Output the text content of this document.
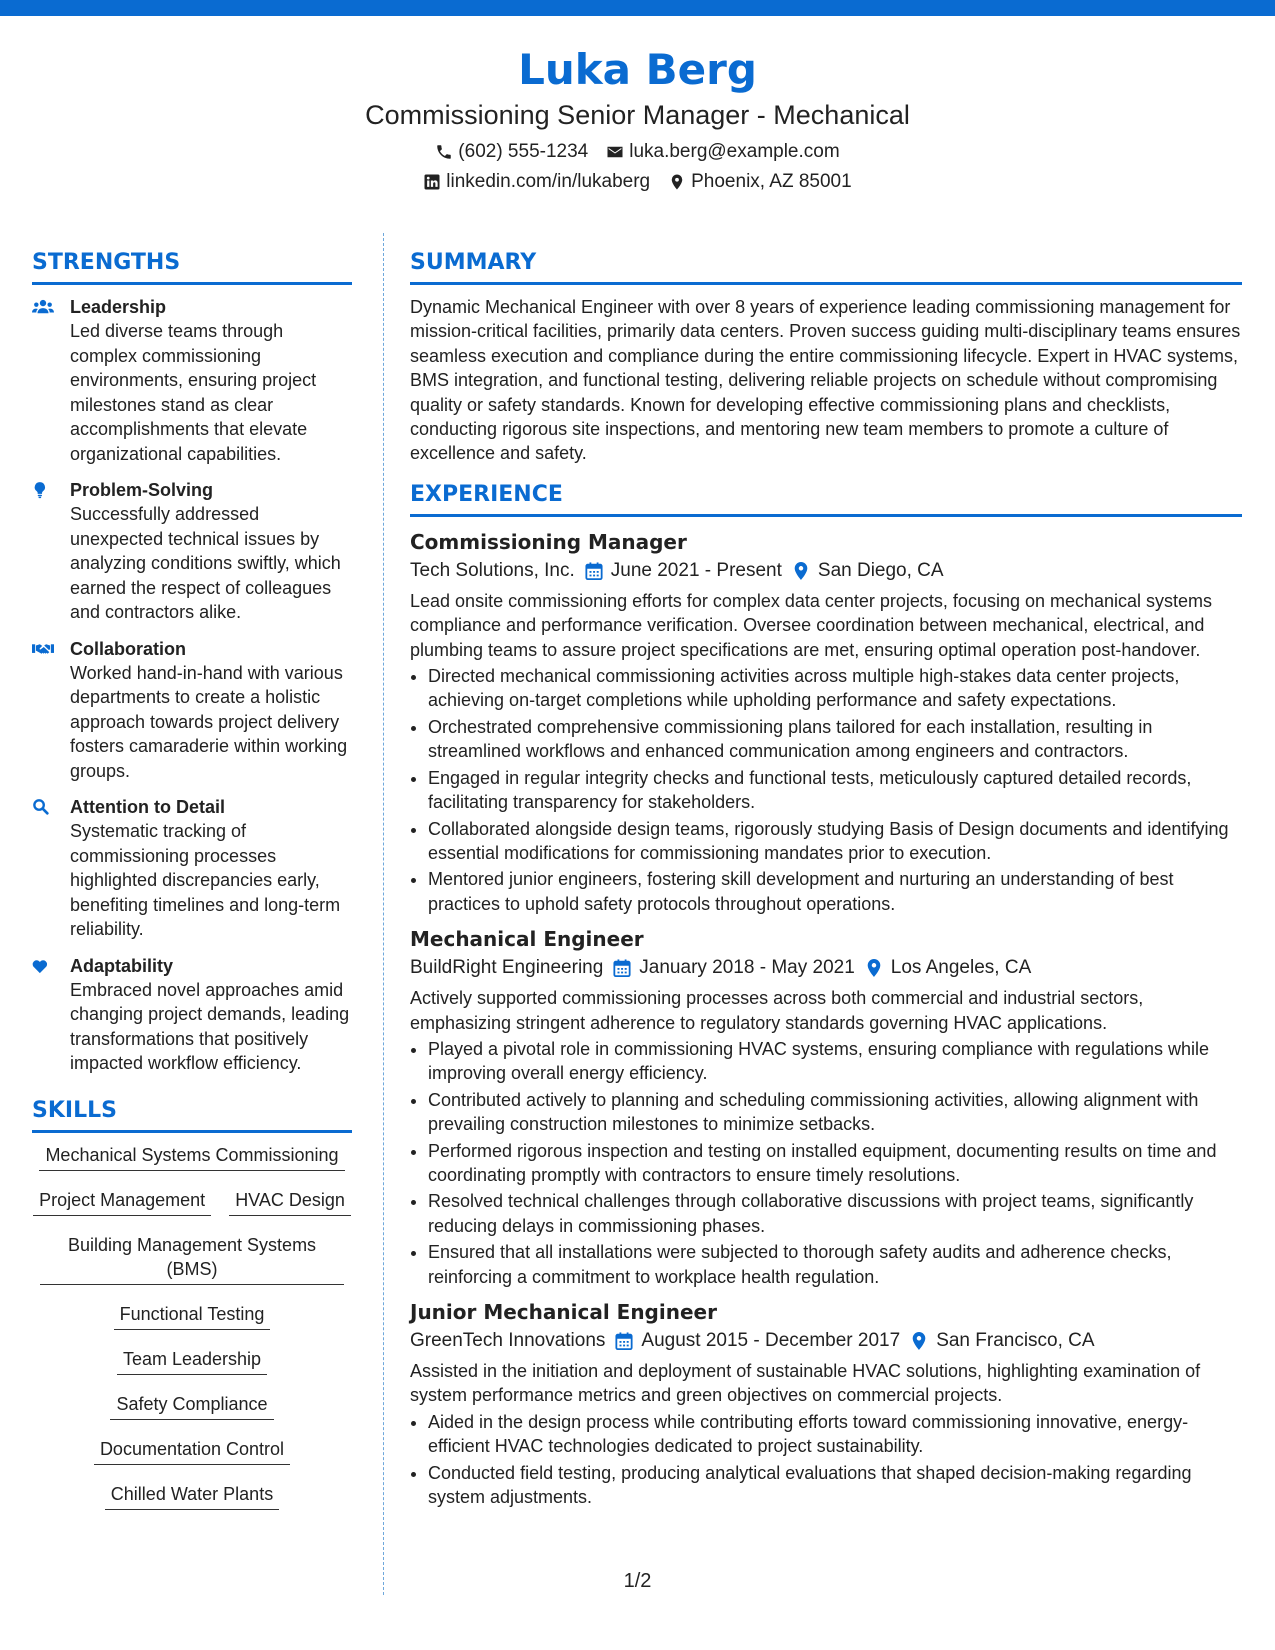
Luka Berg
Commissioning Senior Manager - Mechanical
(602) 555-1234 luka.berg@example.com
linkedin.com/in/lukaberg Phoenix, AZ 85001
STRENGTHS
Leadership
Led diverse teams through complex commissioning environments, ensuring project milestones stand as clear accomplishments that elevate organizational capabilities.
Problem-Solving
Successfully addressed unexpected technical issues by analyzing conditions swiftly, which earned the respect of colleagues and contractors alike.
Collaboration
Worked hand-in-hand with various departments to create a holistic approach towards project delivery fosters camaraderie within working groups.
Attention to Detail
Systematic tracking of commissioning processes highlighted discrepancies early, benefiting timelines and long-term reliability.
Adaptability
Embraced novel approaches amid changing project demands, leading transformations that positively impacted workflow efficiency.
SKILLS
Mechanical Systems Commissioning
Project Management	HVAC Design
Building Management Systems (BMS)
Functional Testing
Team Leadership
Safety Compliance
Documentation Control
Chilled Water Plants
SUMMARY
Dynamic Mechanical Engineer with over 8 years of experience leading commissioning management for mission-critical facilities, primarily data centers. Proven success guiding multi-disciplinary teams ensures seamless execution and compliance during the entire commissioning lifecycle. Expert in HVAC systems, BMS integration, and functional testing, delivering reliable projects on schedule without compromising quality or safety standards. Known for developing effective commissioning plans and checklists, conducting rigorous site inspections, and mentoring new team members to promote a culture of excellence and safety.
EXPERIENCE
Commissioning Manager
Tech Solutions, Inc. June 2021 - Present San Diego, CA
Lead onsite commissioning efforts for complex data center projects, focusing on mechanical systems compliance and performance verification. Oversee coordination between mechanical, electrical, and plumbing teams to assure project specifications are met, ensuring optimal operation post-handover.
• Directed mechanical commissioning activities across multiple high-stakes data center projects, achieving on-target completions while upholding performance and safety expectations.
• Orchestrated comprehensive commissioning plans tailored for each installation, resulting in streamlined workflows and enhanced communication among engineers and contractors.
• Engaged in regular integrity checks and functional tests, meticulously captured detailed records, facilitating transparency for stakeholders.
• Collaborated alongside design teams, rigorously studying Basis of Design documents and identifying essential modifications for commissioning mandates prior to execution.
• Mentored junior engineers, fostering skill development and nurturing an understanding of best practices to uphold safety protocols throughout operations.
Mechanical Engineer
BuildRight Engineering January 2018 - May 2021 Los Angeles, CA
Actively supported commissioning processes across both commercial and industrial sectors, emphasizing stringent adherence to regulatory standards governing HVAC applications.
• Played a pivotal role in commissioning HVAC systems, ensuring compliance with regulations while improving overall energy efficiency.
• Contributed actively to planning and scheduling commissioning activities, allowing alignment with prevailing construction milestones to minimize setbacks.
• Performed rigorous inspection and testing on installed equipment, documenting results on time and coordinating promptly with contractors to ensure timely resolutions.
• Resolved technical challenges through collaborative discussions with project teams, significantly reducing delays in commissioning phases.
• Ensured that all installations were subjected to thorough safety audits and adherence checks, reinforcing a commitment to workplace health regulation.
Junior Mechanical Engineer
GreenTech Innovations August 2015 - December 2017 San Francisco, CA
Assisted in the initiation and deployment of sustainable HVAC solutions, highlighting examination of system performance metrics and green objectives on commercial projects.
• Aided in the design process while contributing efforts toward commissioning innovative, energy-efficient HVAC technologies dedicated to project sustainability.
• Conducted field testing, producing analytical evaluations that shaped decision-making regarding system adjustments.
1/2
